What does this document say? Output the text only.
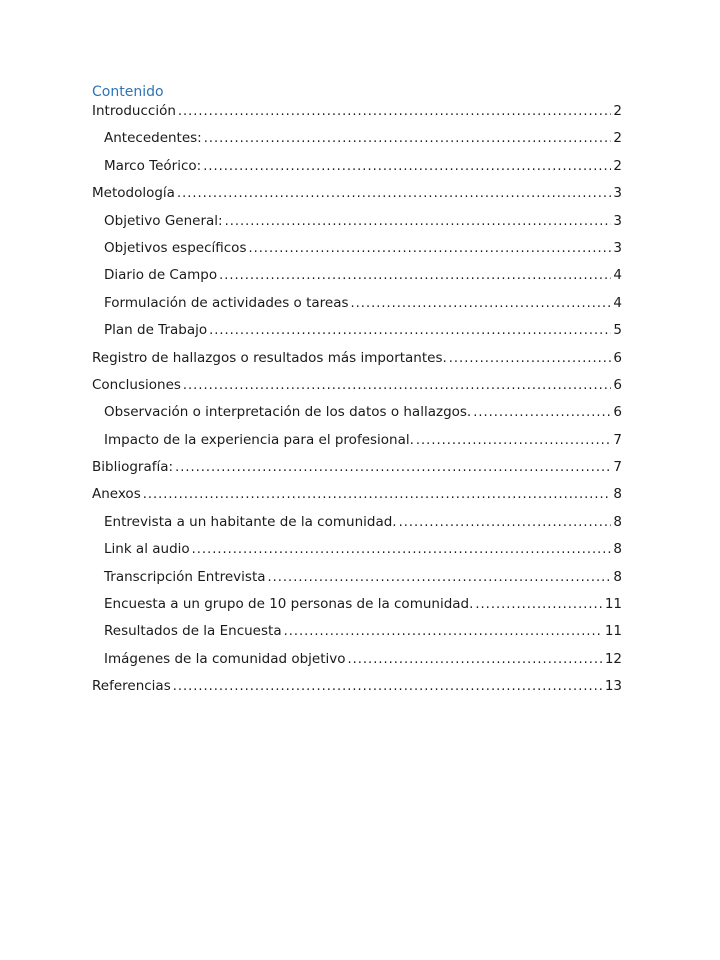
Contenido
Introducción .....	2
Antecedentes: .....	2
Marco Teórico: .....	2
Metodología .....	3
Objetivo General: .....	3
Objetivos específicos .....	3
Diario de Campo .....	4
Formulación de actividades o tareas .....	4
Plan de Trabajo .....	5
Registro de hallazgos o resultados más importantes. .....	6
Conclusiones .....	6
Observación o interpretación de los datos o hallazgos. .....	6
Impacto de la experiencia para el profesional. .....	7
Bibliografía: .....	7
Anexos .....	8
Entrevista a un habitante de la comunidad. .....	8
Link al audio .....	8
Transcripción Entrevista .....	8
Encuesta a un grupo de 10 personas de la comunidad. .....	11
Resultados de la Encuesta .....	11
Imágenes de la comunidad objetivo .....	12
Referencias .....	13
